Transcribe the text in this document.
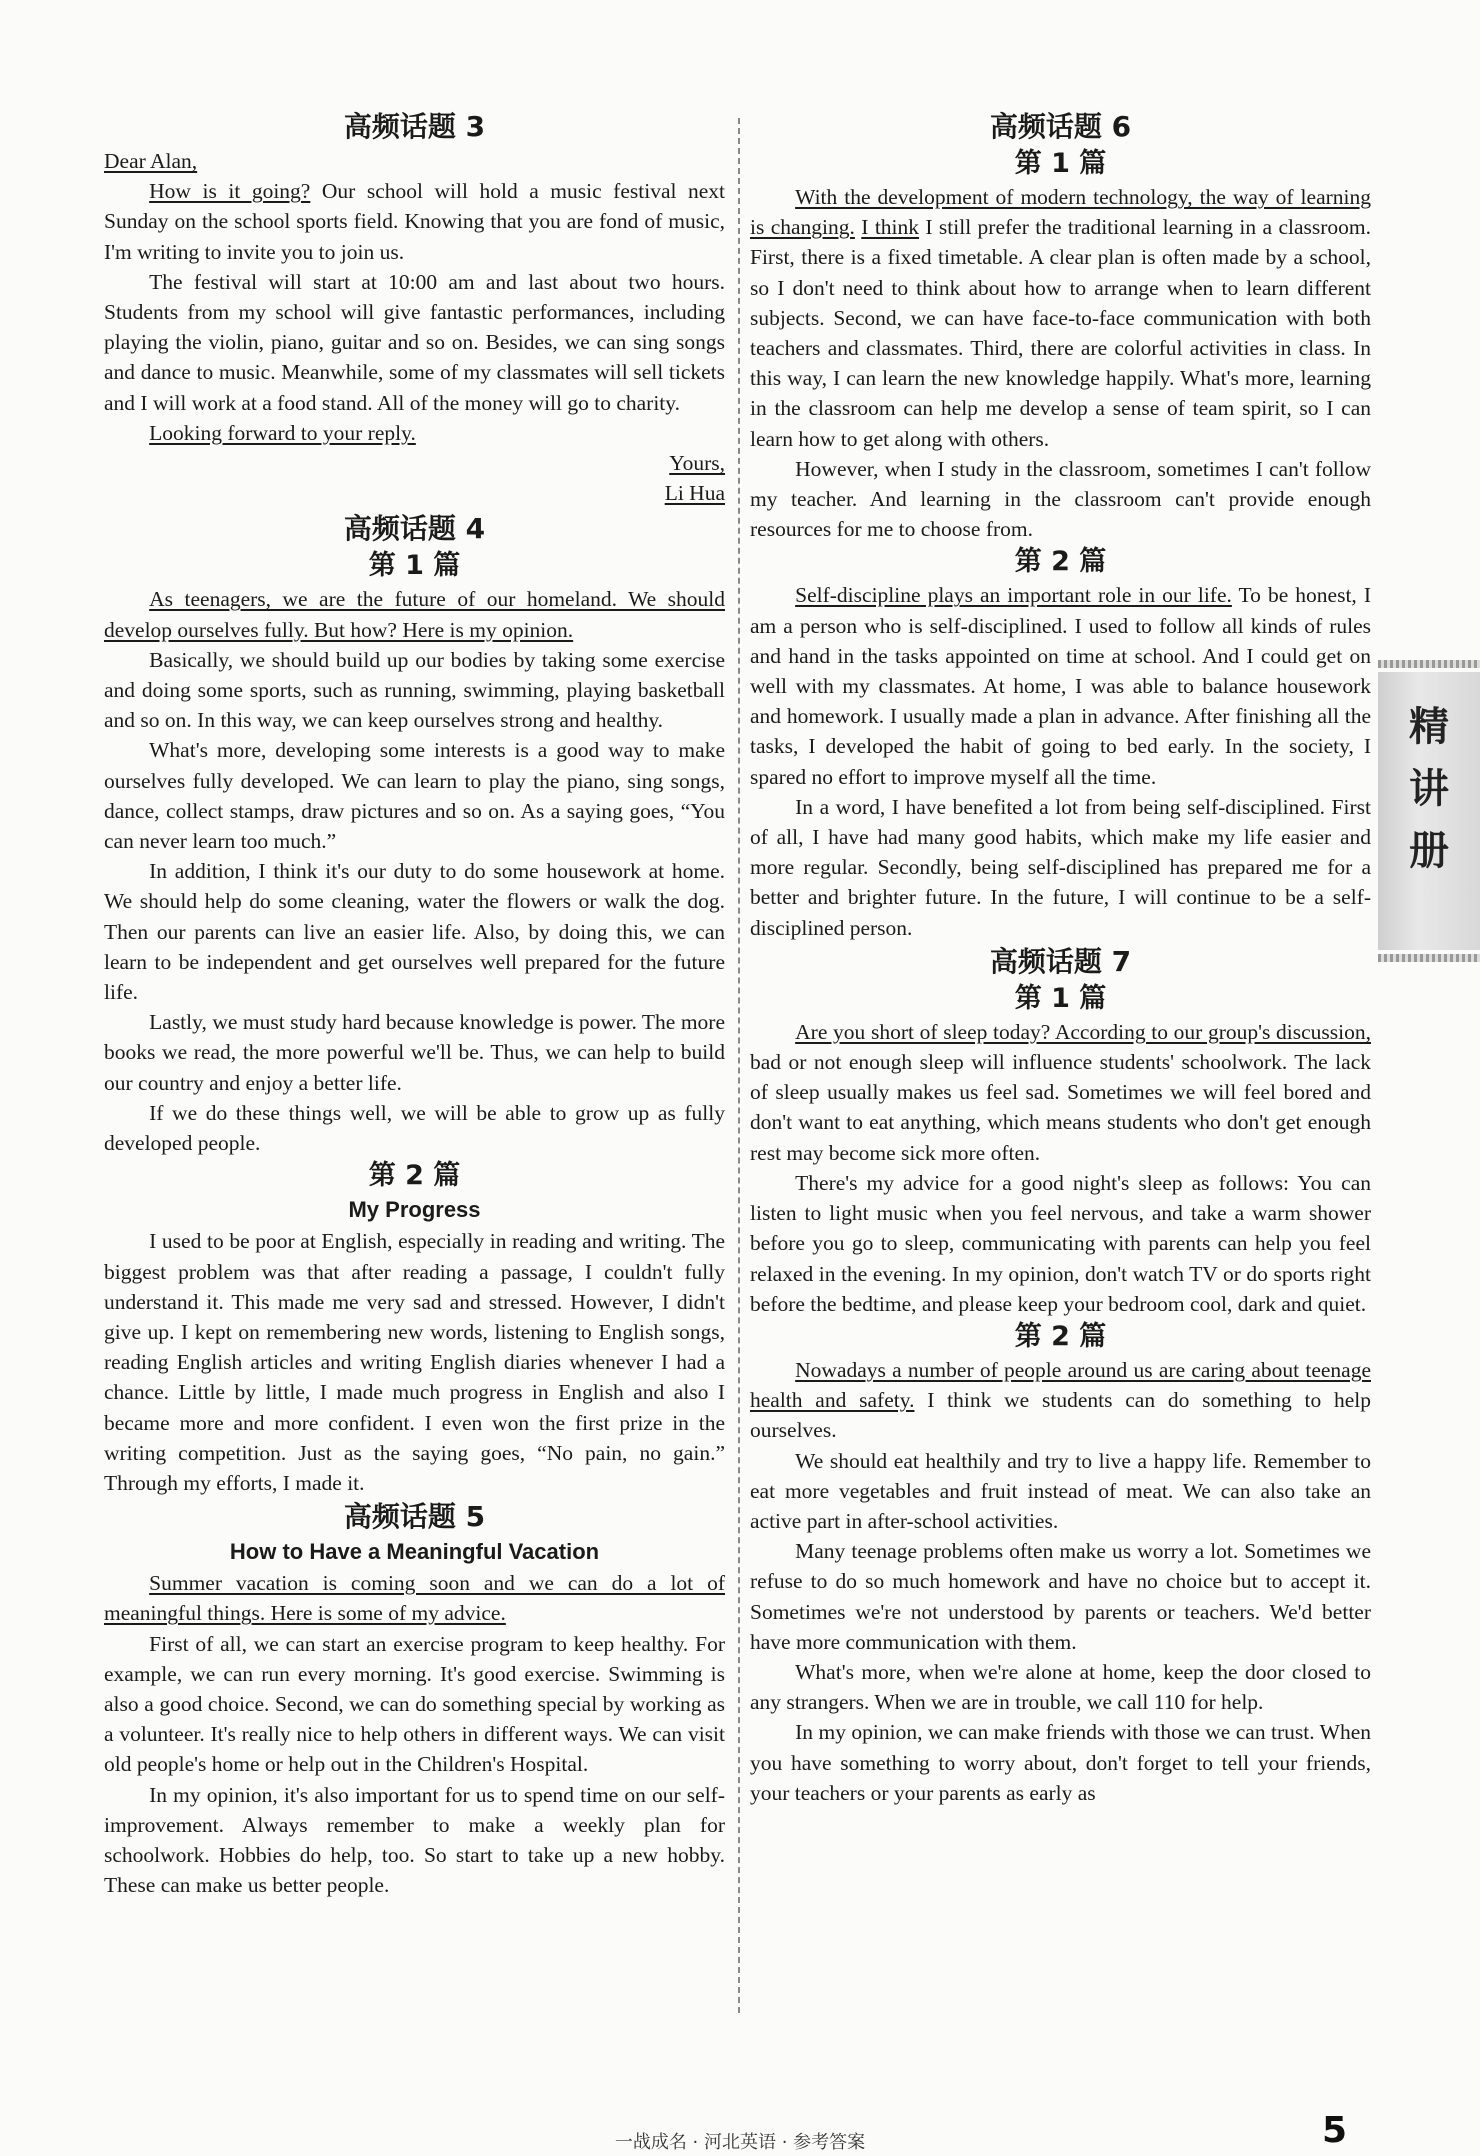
高频话题 3

Dear Alan,

How is it going? Our school will hold a music festival next Sunday on the school sports field. Knowing that you are fond of music, I'm writing to invite you to join us.

The festival will start at 10:00 am and last about two hours. Students from my school will give fantastic performances, including playing the violin, piano, guitar and so on. Besides, we can sing songs and dance to music. Meanwhile, some of my classmates will sell tickets and I will work at a food stand. All of the money will go to charity.

Looking forward to your reply.

Yours,

Li Hua

高频话题 4
第 1 篇

As teenagers, we are the future of our homeland. We should develop ourselves fully. But how? Here is my opinion.

Basically, we should build up our bodies by taking some exercise and doing some sports, such as running, swimming, playing basketball and so on. In this way, we can keep ourselves strong and healthy.

What's more, developing some interests is a good way to make ourselves fully developed. We can learn to play the piano, sing songs, dance, collect stamps, draw pictures and so on. As a saying goes, “You can never learn too much.”

In addition, I think it's our duty to do some housework at home. We should help do some cleaning, water the flowers or walk the dog. Then our parents can live an easier life. Also, by doing this, we can learn to be independent and get ourselves well prepared for the future life.

Lastly, we must study hard because knowledge is power. The more books we read, the more powerful we'll be. Thus, we can help to build our country and enjoy a better life.

If we do these things well, we will be able to grow up as fully developed people.

第 2 篇
My Progress

I used to be poor at English, especially in reading and writing. The biggest problem was that after reading a passage, I couldn't fully understand it. This made me very sad and stressed. However, I didn't give up. I kept on remembering new words, listening to English songs, reading English articles and writing English diaries whenever I had a chance. Little by little, I made much progress in English and also I became more and more confident. I even won the first prize in the writing competition. Just as the saying goes, “No pain, no gain.” Through my efforts, I made it.

高频话题 5
How to Have a Meaningful Vacation

Summer vacation is coming soon and we can do a lot of meaningful things. Here is some of my advice.

First of all, we can start an exercise program to keep healthy. For example, we can run every morning. It's good exercise. Swimming is also a good choice. Second, we can do something special by working as a volunteer. It's really nice to help others in different ways. We can visit old people's home or help out in the Children's Hospital.

In my opinion, it's also important for us to spend time on our self-improvement. Always remember to make a weekly plan for schoolwork. Hobbies do help, too. So start to take up a new hobby. These can make us better people.

高频话题 6
第 1 篇

With the development of modern technology, the way of learning is changing. I think I still prefer the traditional learning in a classroom. First, there is a fixed timetable. A clear plan is often made by a school, so I don't need to think about how to arrange when to learn different subjects. Second, we can have face-to-face communication with both teachers and classmates. Third, there are colorful activities in class. In this way, I can learn the new knowledge happily. What's more, learning in the classroom can help me develop a sense of team spirit, so I can learn how to get along with others.

However, when I study in the classroom, sometimes I can't follow my teacher. And learning in the classroom can't provide enough resources for me to choose from.

第 2 篇

Self-discipline plays an important role in our life. To be honest, I am a person who is self-disciplined. I used to follow all kinds of rules and hand in the tasks appointed on time at school. And I could get on well with my classmates. At home, I was able to balance housework and homework. I usually made a plan in advance. After finishing all the tasks, I developed the habit of going to bed early. In the society, I spared no effort to improve myself all the time.

In a word, I have benefited a lot from being self-disciplined. First of all, I have had many good habits, which make my life easier and more regular. Secondly, being self-disciplined has prepared me for a better and brighter future. In the future, I will continue to be a self-disciplined person.

高频话题 7
第 1 篇

Are you short of sleep today? According to our group's discussion, bad or not enough sleep will influence students' schoolwork. The lack of sleep usually makes us feel sad. Sometimes we will feel bored and don't want to eat anything, which means students who don't get enough rest may become sick more often.

There's my advice for a good night's sleep as follows: You can listen to light music when you feel nervous, and take a warm shower before you go to sleep, communicating with parents can help you feel relaxed in the evening. In my opinion, don't watch TV or do sports right before the bedtime, and please keep your bedroom cool, dark and quiet.

第 2 篇

Nowadays a number of people around us are caring about teenage health and safety. I think we students can do something to help ourselves.

We should eat healthily and try to live a happy life. Remember to eat more vegetables and fruit instead of meat. We can also take an active part in after-school activities.

Many teenage problems often make us worry a lot. Sometimes we refuse to do so much homework and have no choice but to accept it. Sometimes we're not understood by parents or teachers. We'd better have more communication with them.

What's more, when we're alone at home, keep the door closed to any strangers. When we are in trouble, we call 110 for help.

In my opinion, we can make friends with those we can trust. When you have something to worry about, don't forget to tell your friends, your teachers or your parents as early as

精讲册
一战成名 · 河北英语 · 参考答案	5
